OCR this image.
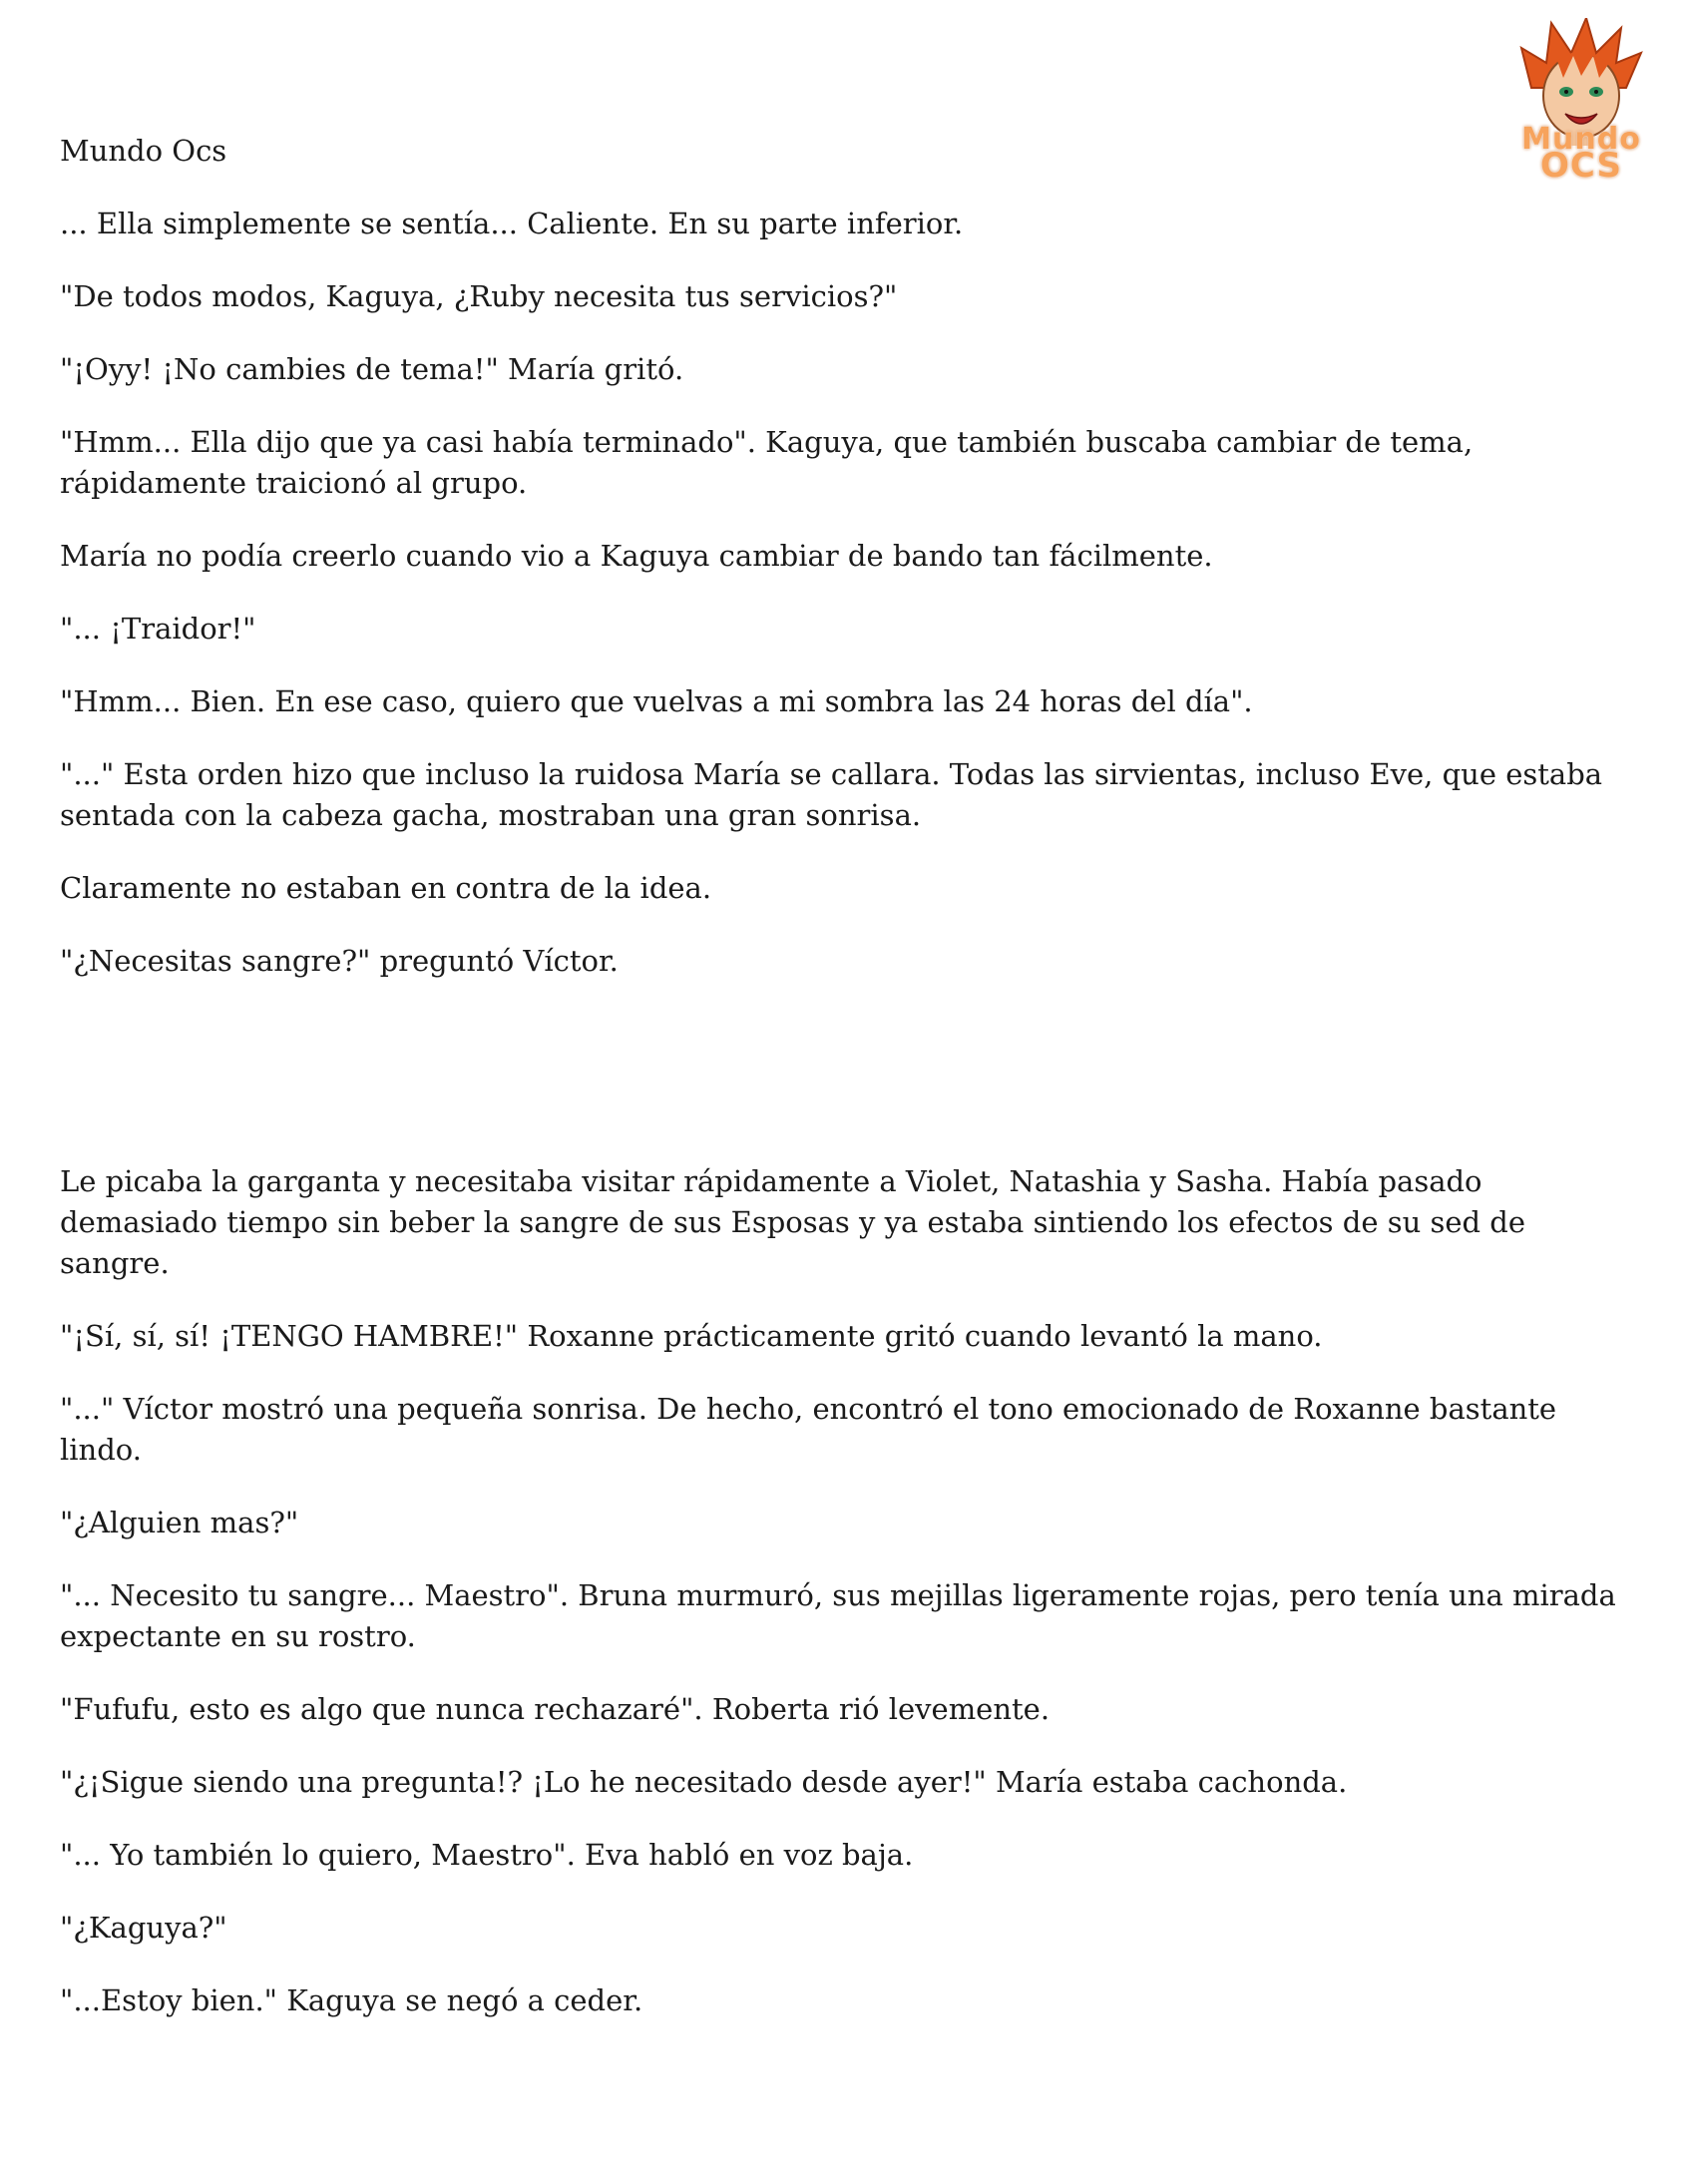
Mundo
OCS

Mundo Ocs

... Ella simplemente se sentía... Caliente. En su parte inferior.

"De todos modos, Kaguya, ¿Ruby necesita tus servicios?"

"¡Oyy! ¡No cambies de tema!" María gritó.

"Hmm... Ella dijo que ya casi había terminado". Kaguya, que también buscaba cambiar de tema, rápidamente traicionó al grupo.

María no podía creerlo cuando vio a Kaguya cambiar de bando tan fácilmente.

"... ¡Traidor!"

"Hmm... Bien. En ese caso, quiero que vuelvas a mi sombra las 24 horas del día".

"..." Esta orden hizo que incluso la ruidosa María se callara. Todas las sirvientas, incluso Eve, que estaba sentada con la cabeza gacha, mostraban una gran sonrisa.

Claramente no estaban en contra de la idea.

"¿Necesitas sangre?" preguntó Víctor.

Le picaba la garganta y necesitaba visitar rápidamente a Violet, Natashia y Sasha. Había pasado demasiado tiempo sin beber la sangre de sus Esposas y ya estaba sintiendo los efectos de su sed de sangre.

"¡Sí, sí, sí! ¡TENGO HAMBRE!" Roxanne prácticamente gritó cuando levantó la mano.

"..." Víctor mostró una pequeña sonrisa. De hecho, encontró el tono emocionado de Roxanne bastante lindo.

"¿Alguien mas?"

"... Necesito tu sangre... Maestro". Bruna murmuró, sus mejillas ligeramente rojas, pero tenía una mirada expectante en su rostro.

"Fufufu, esto es algo que nunca rechazaré". Roberta rió levemente.

"¿¡Sigue siendo una pregunta!? ¡Lo he necesitado desde ayer!" María estaba cachonda.

"... Yo también lo quiero, Maestro". Eva habló en voz baja.

"¿Kaguya?"

"...Estoy bien." Kaguya se negó a ceder.
